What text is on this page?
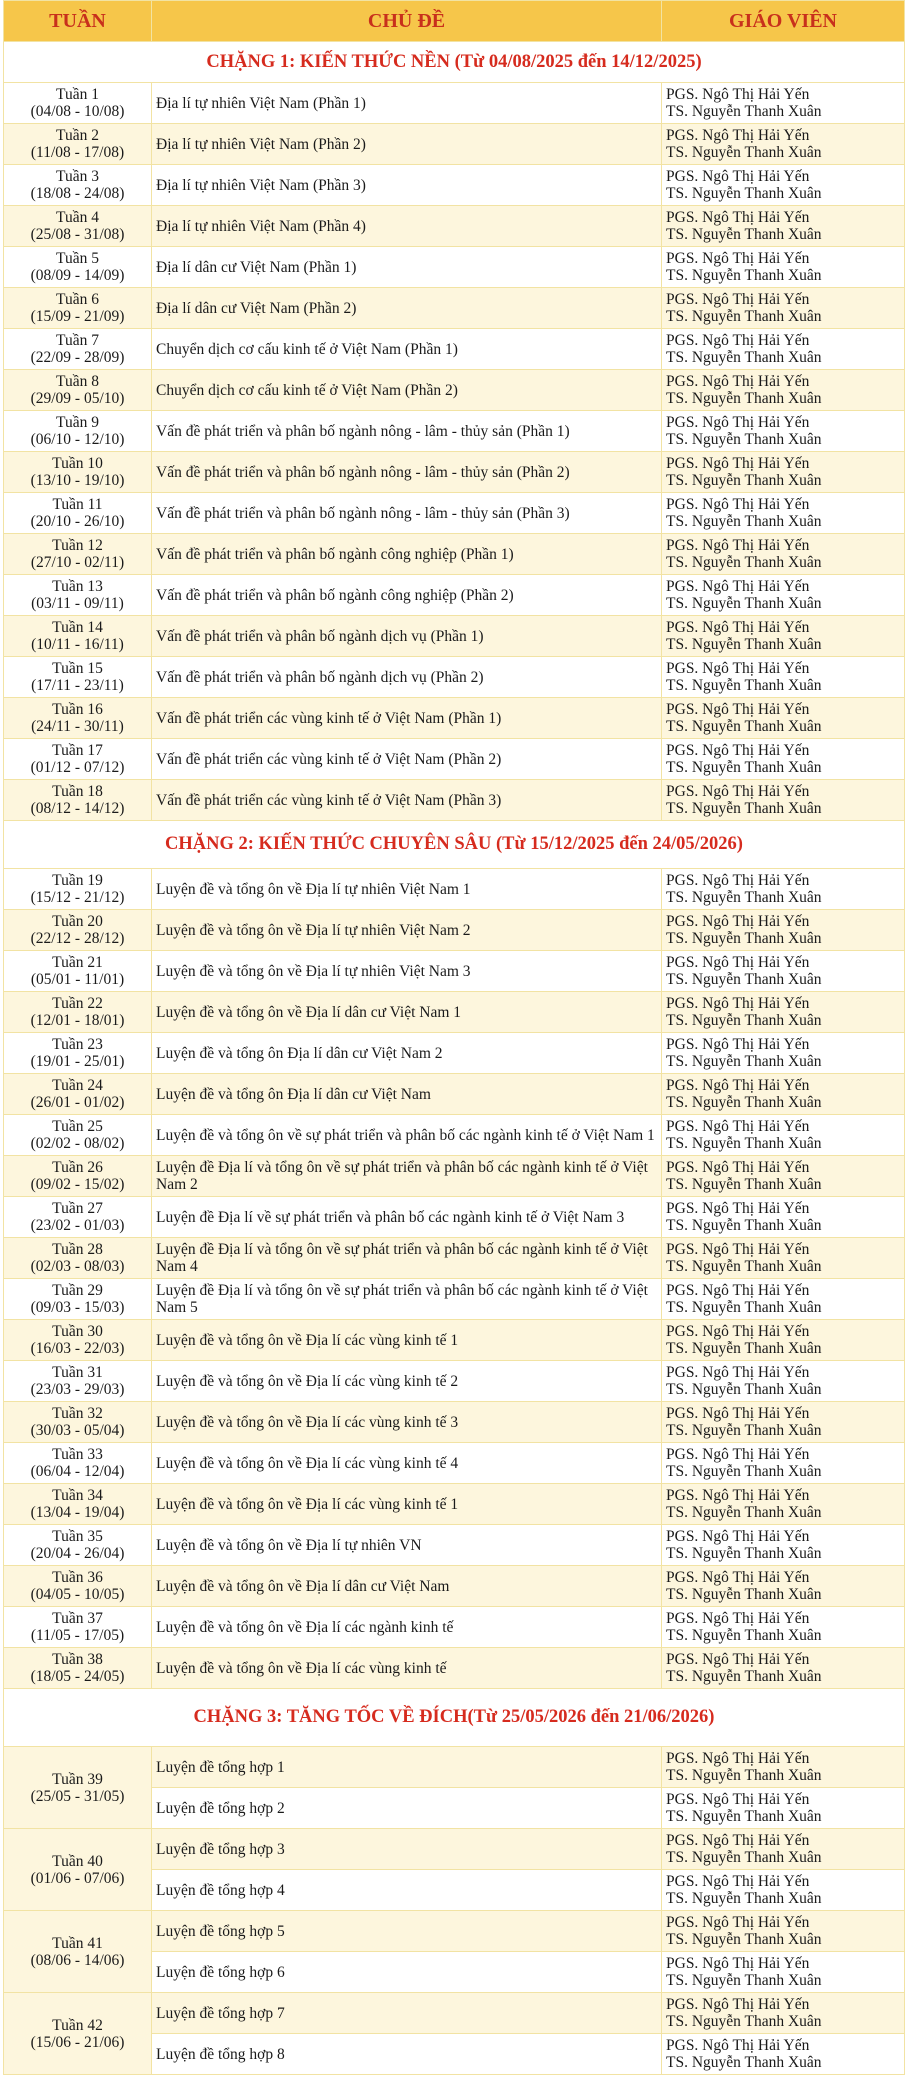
TUẦN	CHỦ ĐỀ	GIÁO VIÊN
CHẶNG 1: KIẾN THỨC NỀN (Từ 04/08/2025 đến 14/12/2025)		

Tuần 1
(04/08 - 10/08)	Địa lí tự nhiên Việt Nam (Phần 1)	PGS. Ngô Thị Hải Yến
TS. Nguyễn Thanh Xuân

Tuần 2
(11/08 - 17/08)	Địa lí tự nhiên Việt Nam (Phần 2)	PGS. Ngô Thị Hải Yến
TS. Nguyễn Thanh Xuân

Tuần 3
(18/08 - 24/08)	Địa lí tự nhiên Việt Nam (Phần 3)	PGS. Ngô Thị Hải Yến
TS. Nguyễn Thanh Xuân

Tuần 4
(25/08 - 31/08)	Địa lí tự nhiên Việt Nam (Phần 4)	PGS. Ngô Thị Hải Yến
TS. Nguyễn Thanh Xuân

Tuần 5
(08/09 - 14/09)	Địa lí dân cư Việt Nam (Phần 1)	PGS. Ngô Thị Hải Yến
TS. Nguyễn Thanh Xuân

Tuần 6
(15/09 - 21/09)	Địa lí dân cư Việt Nam (Phần 2)	PGS. Ngô Thị Hải Yến
TS. Nguyễn Thanh Xuân

Tuần 7
(22/09 - 28/09)	Chuyển dịch cơ cấu kinh tế ở Việt Nam (Phần 1)	PGS. Ngô Thị Hải Yến
TS. Nguyễn Thanh Xuân

Tuần 8
(29/09 - 05/10)	Chuyển dịch cơ cấu kinh tế ở Việt Nam (Phần 2)	PGS. Ngô Thị Hải Yến
TS. Nguyễn Thanh Xuân

Tuần 9
(06/10 - 12/10)	Vấn đề phát triển và phân bố ngành nông - lâm - thủy sản (Phần 1)	PGS. Ngô Thị Hải Yến
TS. Nguyễn Thanh Xuân

Tuần 10
(13/10 - 19/10)	Vấn đề phát triển và phân bố ngành nông - lâm - thủy sản (Phần 2)	PGS. Ngô Thị Hải Yến
TS. Nguyễn Thanh Xuân

Tuần 11
(20/10 - 26/10)	Vấn đề phát triển và phân bố ngành nông - lâm - thủy sản (Phần 3)	PGS. Ngô Thị Hải Yến
TS. Nguyễn Thanh Xuân

Tuần 12
(27/10 - 02/11)	Vấn đề phát triển và phân bố ngành công nghiệp (Phần 1)	PGS. Ngô Thị Hải Yến
TS. Nguyễn Thanh Xuân

Tuần 13
(03/11 - 09/11)	Vấn đề phát triển và phân bố ngành công nghiệp (Phần 2)	PGS. Ngô Thị Hải Yến
TS. Nguyễn Thanh Xuân

Tuần 14
(10/11 - 16/11)	Vấn đề phát triển và phân bố ngành dịch vụ (Phần 1)	PGS. Ngô Thị Hải Yến
TS. Nguyễn Thanh Xuân

Tuần 15
(17/11 - 23/11)	Vấn đề phát triển và phân bố ngành dịch vụ (Phần 2)	PGS. Ngô Thị Hải Yến
TS. Nguyễn Thanh Xuân

Tuần 16
(24/11 - 30/11)	Vấn đề phát triển các vùng kinh tế ở Việt Nam (Phần 1)	PGS. Ngô Thị Hải Yến
TS. Nguyễn Thanh Xuân

Tuần 17
(01/12 - 07/12)	Vấn đề phát triển các vùng kinh tế ở Việt Nam (Phần 2)	PGS. Ngô Thị Hải Yến
TS. Nguyễn Thanh Xuân

Tuần 18
(08/12 - 14/12)	Vấn đề phát triển các vùng kinh tế ở Việt Nam (Phần 3)	PGS. Ngô Thị Hải Yến
TS. Nguyễn Thanh Xuân

CHẶNG 2: KIẾN THỨC CHUYÊN SÂU (Từ 15/12/2025 đến 24/05/2026)		

Tuần 19
(15/12 - 21/12)	Luyện đề và tổng ôn về Địa lí tự nhiên Việt Nam 1	PGS. Ngô Thị Hải Yến
TS. Nguyễn Thanh Xuân

Tuần 20
(22/12 - 28/12)	Luyện đề và tổng ôn về Địa lí tự nhiên Việt Nam 2	PGS. Ngô Thị Hải Yến
TS. Nguyễn Thanh Xuân

Tuần 21
(05/01 - 11/01)	Luyện đề và tổng ôn về Địa lí tự nhiên Việt Nam 3	PGS. Ngô Thị Hải Yến
TS. Nguyễn Thanh Xuân

Tuần 22
(12/01 - 18/01)	Luyện đề và tổng ôn về Địa lí dân cư Việt Nam 1	PGS. Ngô Thị Hải Yến
TS. Nguyễn Thanh Xuân

Tuần 23
(19/01 - 25/01)	Luyện đề và tổng ôn Địa lí dân cư Việt Nam 2	PGS. Ngô Thị Hải Yến
TS. Nguyễn Thanh Xuân

Tuần 24
(26/01 - 01/02)	Luyện đề và tổng ôn Địa lí dân cư Việt Nam	PGS. Ngô Thị Hải Yến
TS. Nguyễn Thanh Xuân

Tuần 25
(02/02 - 08/02)	Luyện đề và tổng ôn về sự phát triển và phân bố các ngành kinh tế ở Việt Nam 1	PGS. Ngô Thị Hải Yến
TS. Nguyễn Thanh Xuân

Tuần 26
(09/02 - 15/02)	Luyện đề Địa lí và tổng ôn về sự phát triển và phân bố các ngành kinh tế ở Việt Nam 2	PGS. Ngô Thị Hải Yến
TS. Nguyễn Thanh Xuân

Tuần 27
(23/02 - 01/03)	Luyện đề Địa lí về sự phát triển và phân bố các ngành kinh tế ở Việt Nam 3	PGS. Ngô Thị Hải Yến
TS. Nguyễn Thanh Xuân

Tuần 28
(02/03 - 08/03)	Luyện đề Địa lí và tổng ôn về sự phát triển và phân bố các ngành kinh tế ở Việt Nam 4	PGS. Ngô Thị Hải Yến
TS. Nguyễn Thanh Xuân

Tuần 29
(09/03 - 15/03)	Luyện đề Địa lí và tổng ôn về sự phát triển và phân bố các ngành kinh tế ở Việt Nam 5	PGS. Ngô Thị Hải Yến
TS. Nguyễn Thanh Xuân

Tuần 30
(16/03 - 22/03)	Luyện đề và tổng ôn về Địa lí các vùng kinh tế 1	PGS. Ngô Thị Hải Yến
TS. Nguyễn Thanh Xuân

Tuần 31
(23/03 - 29/03)	Luyện đề và tổng ôn về Địa lí các vùng kinh tế 2	PGS. Ngô Thị Hải Yến
TS. Nguyễn Thanh Xuân

Tuần 32
(30/03 - 05/04)	Luyện đề và tổng ôn về Địa lí các vùng kinh tế 3	PGS. Ngô Thị Hải Yến
TS. Nguyễn Thanh Xuân

Tuần 33
(06/04 - 12/04)	Luyện đề và tổng ôn về Địa lí các vùng kinh tế 4	PGS. Ngô Thị Hải Yến
TS. Nguyễn Thanh Xuân

Tuần 34
(13/04 - 19/04)	Luyện đề và tổng ôn về Địa lí các vùng kinh tế 1	PGS. Ngô Thị Hải Yến
TS. Nguyễn Thanh Xuân

Tuần 35
(20/04 - 26/04)	Luyện đề và tổng ôn về Địa lí tự nhiên VN	PGS. Ngô Thị Hải Yến
TS. Nguyễn Thanh Xuân

Tuần 36
(04/05 - 10/05)	Luyện đề và tổng ôn về Địa lí dân cư Việt Nam	PGS. Ngô Thị Hải Yến
TS. Nguyễn Thanh Xuân

Tuần 37
(11/05 - 17/05)	Luyện đề và tổng ôn về Địa lí các ngành kinh tế	PGS. Ngô Thị Hải Yến
TS. Nguyễn Thanh Xuân

Tuần 38
(18/05 - 24/05)	Luyện đề và tổng ôn về Địa lí các vùng kinh tế	PGS. Ngô Thị Hải Yến
TS. Nguyễn Thanh Xuân

CHẶNG 3: TĂNG TỐC VỀ ĐÍCH(Từ 25/05/2026 đến 21/06/2026)		

Tuần 39
(25/05 - 31/05)	Luyện đề tổng hợp 1	PGS. Ngô Thị Hải Yến
TS. Nguyễn Thanh Xuân

	Luyện đề tổng hợp 2	PGS. Ngô Thị Hải Yến
TS. Nguyễn Thanh Xuân

Tuần 40
(01/06 - 07/06)	Luyện đề tổng hợp 3	PGS. Ngô Thị Hải Yến
TS. Nguyễn Thanh Xuân

	Luyện đề tổng hợp 4	PGS. Ngô Thị Hải Yến
TS. Nguyễn Thanh Xuân

Tuần 41
(08/06 - 14/06)	Luyện đề tổng hợp 5	PGS. Ngô Thị Hải Yến
TS. Nguyễn Thanh Xuân

	Luyện đề tổng hợp 6	PGS. Ngô Thị Hải Yến
TS. Nguyễn Thanh Xuân

Tuần 42
(15/06 - 21/06)	Luyện đề tổng hợp 7	PGS. Ngô Thị Hải Yến
TS. Nguyễn Thanh Xuân

	Luyện đề tổng hợp 8	PGS. Ngô Thị Hải Yến
TS. Nguyễn Thanh Xuân
